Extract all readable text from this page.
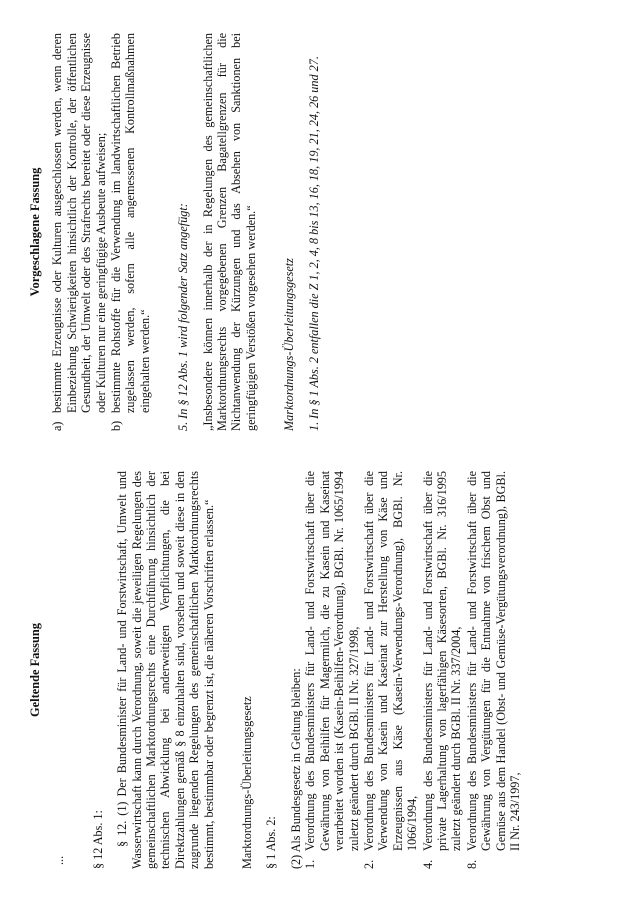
Geltende Fassung

... § 12 Abs. 1: § 12. (1) Der Bundesminister für Land- und Forstwirtschaft, Umwelt und Wasserwirtschaft kann durch Verordnung, soweit die jeweiligen Regelungen des gemeinschaftlichen Marktordnungsrechts eine Durchführung hinsichtlich der technischen Abwicklung bei anderweitigen Verpflichtungen, die bei Direktzahlungen gemäß § 8 einzuhalten sind, vorsehen und soweit diese in den zugrunde liegenden Regelungen des gemeinschaftlichen Marktordnungsrechts bestimmt, bestimmbar oder begrenzt ist, die näheren Vorschriften erlassen.“ Marktordnungs-Überleitungsgesetz § 1 Abs. 2: (2) Als Bundesgesetz in Geltung bleiben: 1.
Verordnung des Bundesministers für Land- und Forstwirtschaft über die Gewährung von Beihilfen für Magermilch, die zu Kasein und Kaseinat verarbeitet worden ist (Kasein-Beihilfen-Verordnung), BGBl. Nr. 1065/1994 zuletzt geändert durch BGBl. II Nr. 327/1998,
2.
Verordnung des Bundesministers für Land- und Forstwirtschaft über die Verwendung von Kasein und Kaseinat zur Herstellung von Käse und Erzeugnissen aus Käse (Kasein-Verwendungs-Verordnung), BGBl. Nr. 1066/1994,
4.
Verordnung des Bundesministers für Land- und Forstwirtschaft über die private Lagerhaltung von lagerfähigen Käsesorten, BGBl. Nr. 316/1995 zuletzt geändert durch BGBl. II Nr. 337/2004,
8.
Verordnung des Bundesministers für Land- und Forstwirtschaft über die Gewährung von Vergütungen für die Entnahme von frischem Obst und Gemüse aus dem Handel (Obst- und Gemüse-Vergütungsverordnung), BGBl. II Nr. 243/1997,
Vorgeschlagene Fassung
a)
bestimmte Erzeugnisse oder Kulturen ausgeschlossen werden, wenn deren Einbeziehung Schwierigkeiten hinsichtlich der Kontrolle, der öffentlichen Gesundheit, der Umwelt oder des Strafrechts bereitet oder diese Erzeugnisse oder Kulturen nur eine geringfügige Ausbeute aufweisen;
b)
bestimmte Rohstoffe für die Verwendung im landwirtschaftlichen Betrieb zugelassen werden, sofern alle angemessenen Kontrollmaßnahmen eingehalten werden.“ 5. In § 12 Abs. 1 wird folgender Satz angefügt: „Insbesondere können innerhalb der in Regelungen des gemeinschaftlichen Marktordnungsrechts vorgegebenen Grenzen Bagatellgrenzen für die Nichtanwendung der Kürzungen und das Absehen von Sanktionen bei geringfügigen Verstößen vorgesehen werden.“ Marktordnungs-Überleitungsgesetz 1. In § 1 Abs. 2 entfallen die Z 1, 2, 4, 8 bis 13, 16, 18, 19, 21, 24, 26 und 27.
